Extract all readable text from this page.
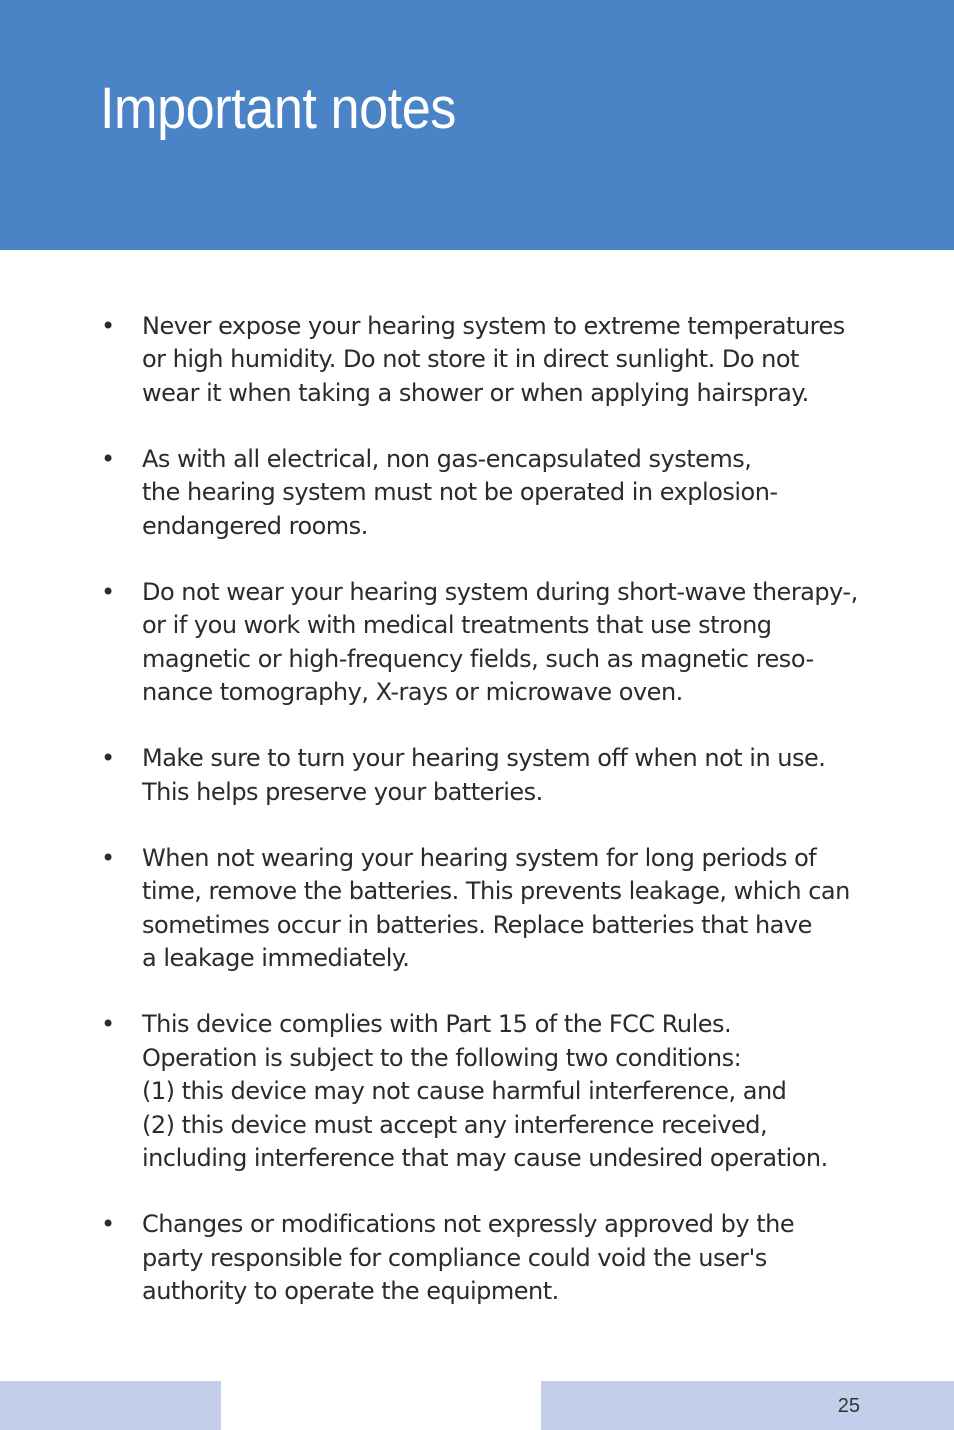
Important notes
• Never expose your hearing system to extreme temperatures
or high humidity. Do not store it in direct sunlight. Do not
wear it when taking a shower or when applying hairspray.
• As with all electrical, non gas-encapsulated systems,
the hearing system must not be operated in explosion-
endangered rooms.
• Do not wear your hearing system during short-wave therapy-,
or if you work with medical treatments that use strong
magnetic or high-frequency fields, such as magnetic reso-
nance tomography, X-rays or microwave oven.
• Make sure to turn your hearing system off when not in use.
This helps preserve your batteries.
• When not wearing your hearing system for long periods of
time, remove the batteries. This prevents leakage, which can
sometimes occur in batteries. Replace batteries that have
a leakage immediately.
• This device complies with Part 15 of the FCC Rules.
Operation is subject to the following two conditions:
(1) this device may not cause harmful interference, and
(2) this device must accept any interference received,
including interference that may cause undesired operation.
• Changes or modifications not expressly approved by the
party responsible for compliance could void the user's
authority to operate the equipment.
25
